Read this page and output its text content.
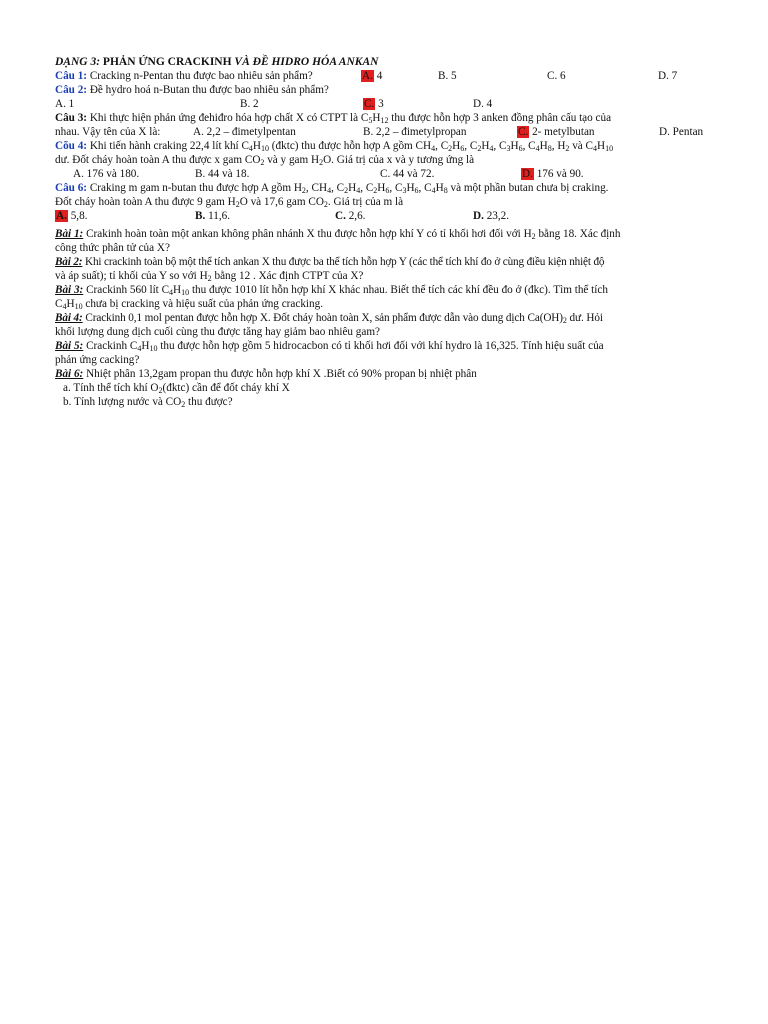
DẠNG 3: PHẢN ỨNG CRACKINH VÀ ĐỀ HIDRO HÓA ANKAN
Câu 1: Cracking n-Pentan thu được bao nhiêu sản phẩm?	A. 4	B. 5	C. 6	D. 7
Câu 2: Đề hydro hoá n-Butan thu được bao nhiêu sản phẩm?
A. 1	B. 2	C. 3	D. 4
Câu 3: Khi thực hiện phản ứng đehiđro hóa hợp chất X có CTPT là $C_5H_{12}$ thu được hỗn hợp 3 anken đồng phân cấu tạo của
nhau. Vậy tên của X là:	A. 2,2 – đimetylpentan	B. 2,2 – đimetylpropan	C. 2- metylbutan	D. Pentan
Cõu 4: Khi tiến hành craking 22,4 lít khí $C_4H_{10}$ (đktc) thu được hỗn hợp A gồm $CH_4$, $C_2H_6$, $C_2H_4$, $C_3H_6$, $C_4H_8$, $H_2$ và $C_4H_{10}$
dư. Đốt cháy hoàn toàn A thu được x gam $CO_2$ và y gam $H_2O$. Giá trị của x và y tương ứng là
A. 176 và 180.	B. 44 và 18.	C. 44 và 72.	D. 176 và 90.
Câu 6: Craking m gam n-butan thu được hợp A gồm $H_2$, $CH_4$, $C_2H_4$, $C_2H_6$, $C_3H_6$, $C_4H_8$ và một phần butan chưa bị craking.
Đốt cháy hoàn toàn A thu được 9 gam $H_2O$ và 17,6 gam $CO_2$. Giá trị của m là
A. 5,8.	B. 11,6.	C. 2,6.	D. 23,2.
Bài 1: Crakinh hoàn toàn một ankan không phân nhánh X thu được hỗn hợp khí Y có tỉ khối hơi đối với $H_2$ bằng 18. Xác định
công thức phân tử của X?
Bài 2: Khi crackinh toàn bộ một thể tích ankan X thu được ba thể tích hỗn hợp Y (các thể tích khí đo ở cùng điều kiện nhiệt độ
và áp suất); tỉ khối của Y so với $H_2$ bằng 12 . Xác định CTPT của X?
Bài 3: Crackinh 560 lít $C_4H_{10}$ thu được 1010 lít hỗn hợp khí X khác nhau. Biết thể tích các khí đều đo ở (đkc). Tìm thể tích
$C_4H_{10}$ chưa bị cracking và hiệu suất của phản ứng cracking.
Bài 4: Crackinh 0,1 mol pentan được hỗn hợp X. Đốt cháy hoàn toàn X, sản phẩm được dẫn vào dung dịch $Ca(OH)_2$ dư. Hỏi
khối lượng dung dịch cuối cùng thu được tăng hay giảm bao nhiêu gam?
Bài 5: Crackinh $C_4H_{10}$ thu được hỗn hợp gồm 5 hidrocacbon có tỉ khối hơi đối với khí hydro là 16,325. Tính hiệu suất của
phản ứng cacking?
Bài 6: Nhiệt phân 13,2gam propan thu được hỗn hợp khí X .Biết có 90% propan bị nhiệt phân
a. Tính thể tích khí $O_2(đktc)$ cần để đốt cháy khí X
b. Tính lượng nước và $CO_2$ thu được?
